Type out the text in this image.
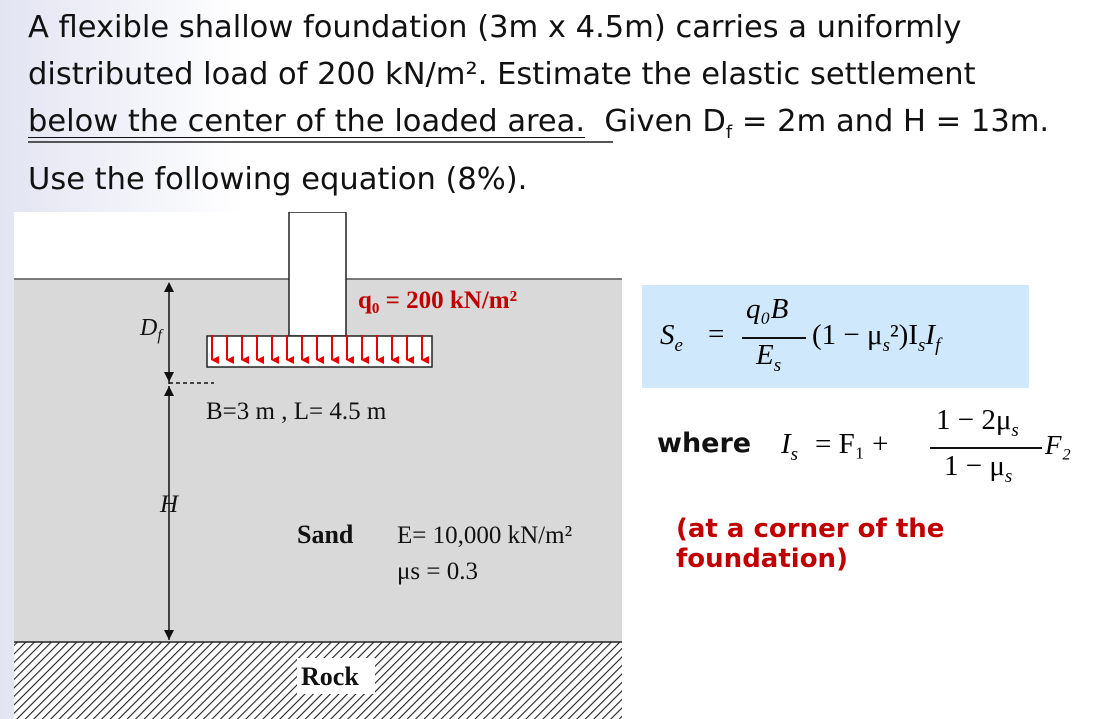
A flexible shallow foundation (3m x 4.5m) carries a uniformly
distributed load of 200 kN/m². Estimate the elastic settlement
below the center of the loaded area.  Given $D_f = 2m$ and H = 13m.
Use the following equation (8%).
$D_f$
q₀ = 200 kN/m²
B=3 m , L= 4.5 m
H
Sand E= 10,000 kN/m²
μs = 0.3
Rock
$S_e$ =
q₀B
$E_s$
$(1 - \mu_s^2)I_sI_f$
where $I_s = F_1$ +
$1 - 2\mu_s$
$1 - \mu_s$
F₂
(at a corner of the foundation)
